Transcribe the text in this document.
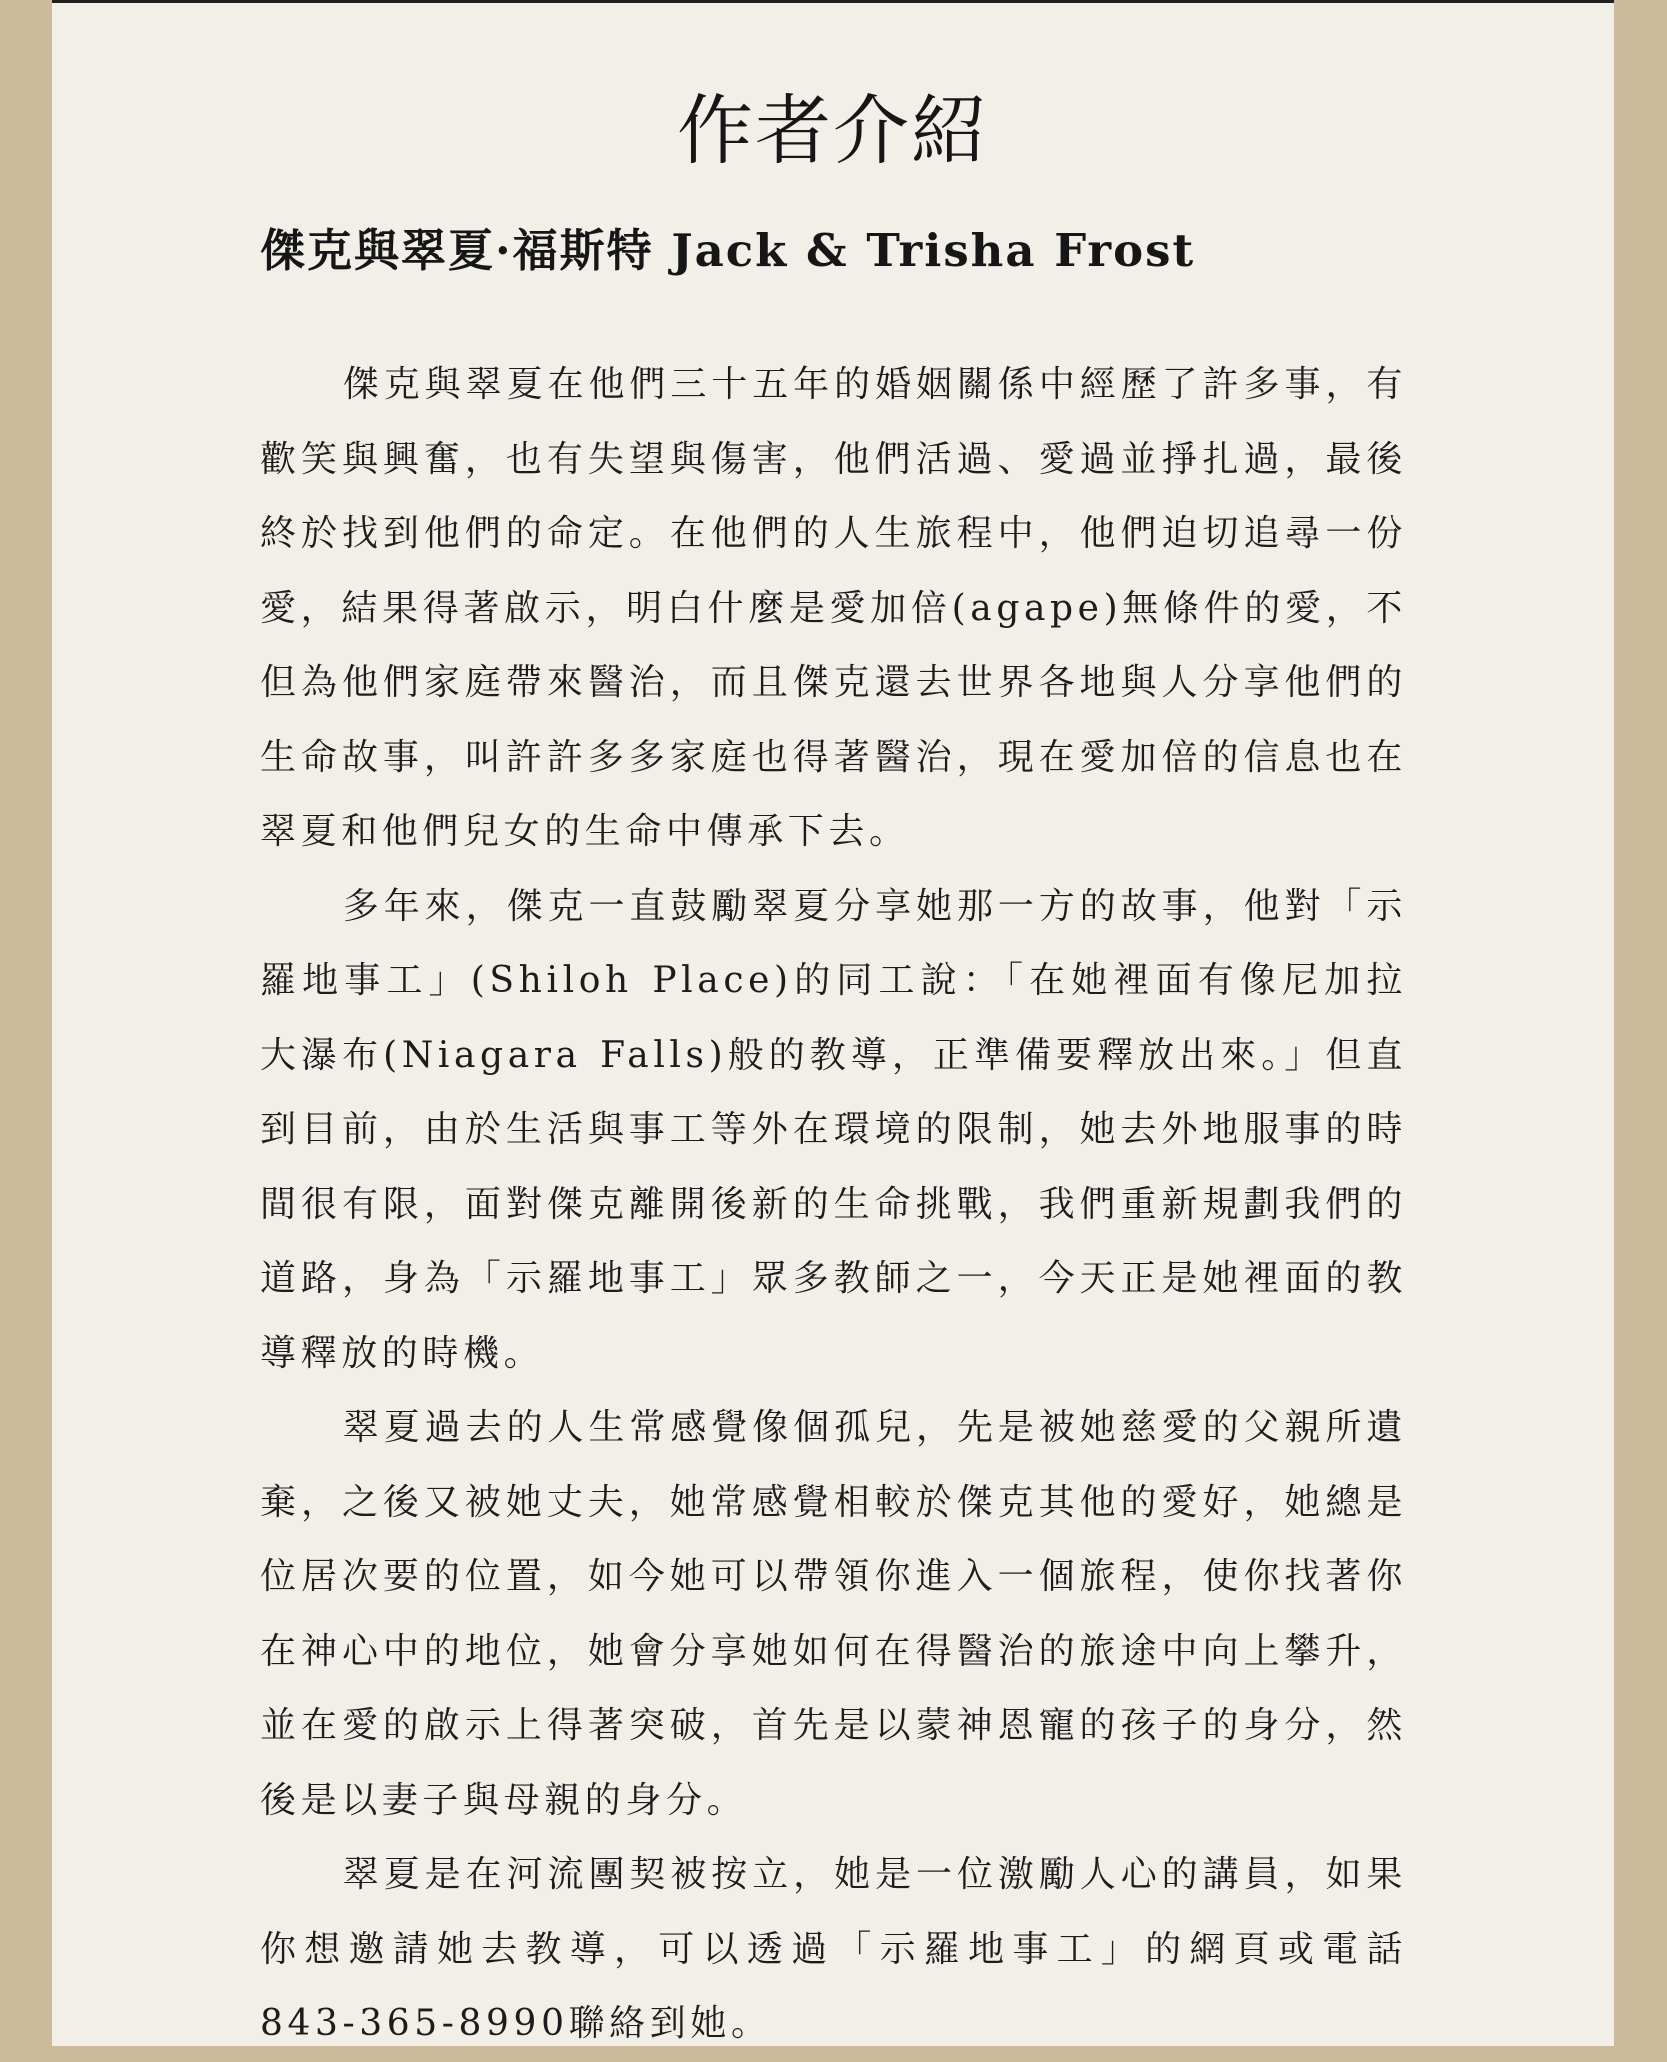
作者介紹
傑克與翠夏·福斯特 Jack & Trisha Frost

傑克與翠夏在他們三十五年的婚姻關係中經歷了許多事，有歡笑與興奮，也有失望與傷害，他們活過、愛過並掙扎過，最後終於找到他們的命定。在他們的人生旅程中，他們迫切追尋一份愛，結果得著啟示，明白什麼是愛加倍(agape)無條件的愛，不但為他們家庭帶來醫治，而且傑克還去世界各地與人分享他們的生命故事，叫許許多多家庭也得著醫治，現在愛加倍的信息也在翠夏和他們兒女的生命中傳承下去。

多年來，傑克一直鼓勵翠夏分享她那一方的故事，他對「示羅地事工」(Shiloh Place)的同工說：「在她裡面有像尼加拉大瀑布(Niagara Falls)般的教導，正準備要釋放出來。」但直到目前，由於生活與事工等外在環境的限制，她去外地服事的時間很有限，面對傑克離開後新的生命挑戰，我們重新規劃我們的道路，身為「示羅地事工」眾多教師之一，今天正是她裡面的教導釋放的時機。

翠夏過去的人生常感覺像個孤兒，先是被她慈愛的父親所遺棄，之後又被她丈夫，她常感覺相較於傑克其他的愛好，她總是位居次要的位置，如今她可以帶領你進入一個旅程，使你找著你在神心中的地位，她會分享她如何在得醫治的旅途中向上攀升，並在愛的啟示上得著突破，首先是以蒙神恩寵的孩子的身分，然後是以妻子與母親的身分。

翠夏是在河流團契被按立，她是一位激勵人心的講員，如果你想邀請她去教導，可以透過「示羅地事工」的網頁或電話843-365-8990聯絡到她。
